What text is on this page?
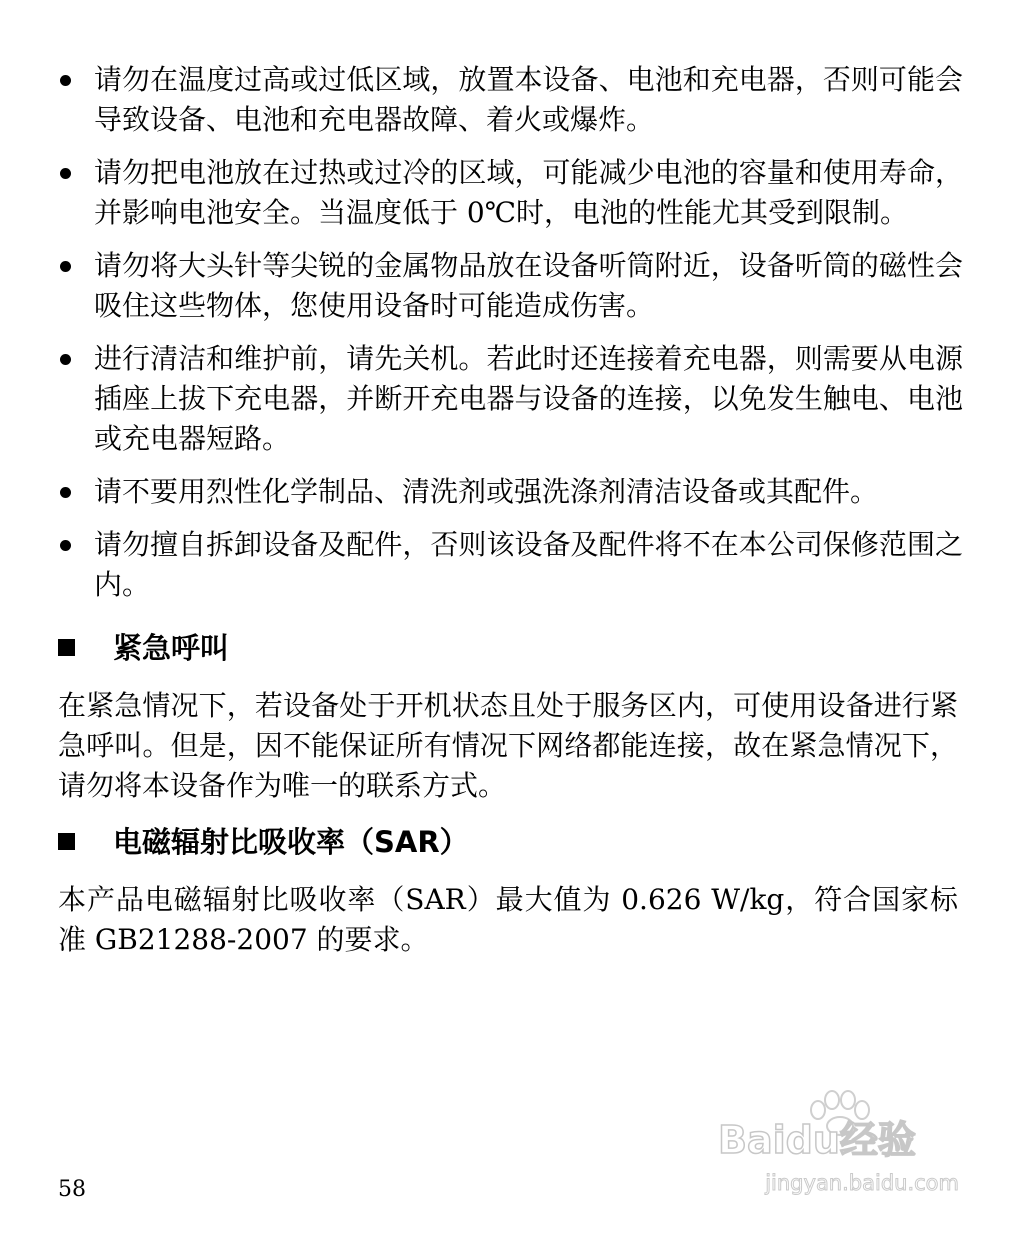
请勿在温度过高或过低区域，放置本设备、电池和充电器，否则可能会导致设备、电池和充电器故障、着火或爆炸。
请勿把电池放在过热或过冷的区域，可能减少电池的容量和使用寿命，并影响电池安全。当温度低于 0℃时，电池的性能尤其受到限制。
请勿将大头针等尖锐的金属物品放在设备听筒附近，设备听筒的磁性会吸住这些物体，您使用设备时可能造成伤害。
进行清洁和维护前，请先关机。若此时还连接着充电器，则需要从电源插座上拔下充电器，并断开充电器与设备的连接，以免发生触电、电池或充电器短路。
请不要用烈性化学制品、清洗剂或强洗涤剂清洁设备或其配件。
请勿擅自拆卸设备及配件，否则该设备及配件将不在本公司保修范围之内。
紧急呼叫

在紧急情况下，若设备处于开机状态且处于服务区内，可使用设备进行紧急呼叫。但是，因不能保证所有情况下网络都能连接，故在紧急情况下，请勿将本设备作为唯一的联系方式。

电磁辐射比吸收率（SAR）

本产品电磁辐射比吸收率（SAR）最大值为 0.626 W/kg，符合国家标准 GB21288-2007 的要求。

58
Baidu经验
jingyan.baidu.com
